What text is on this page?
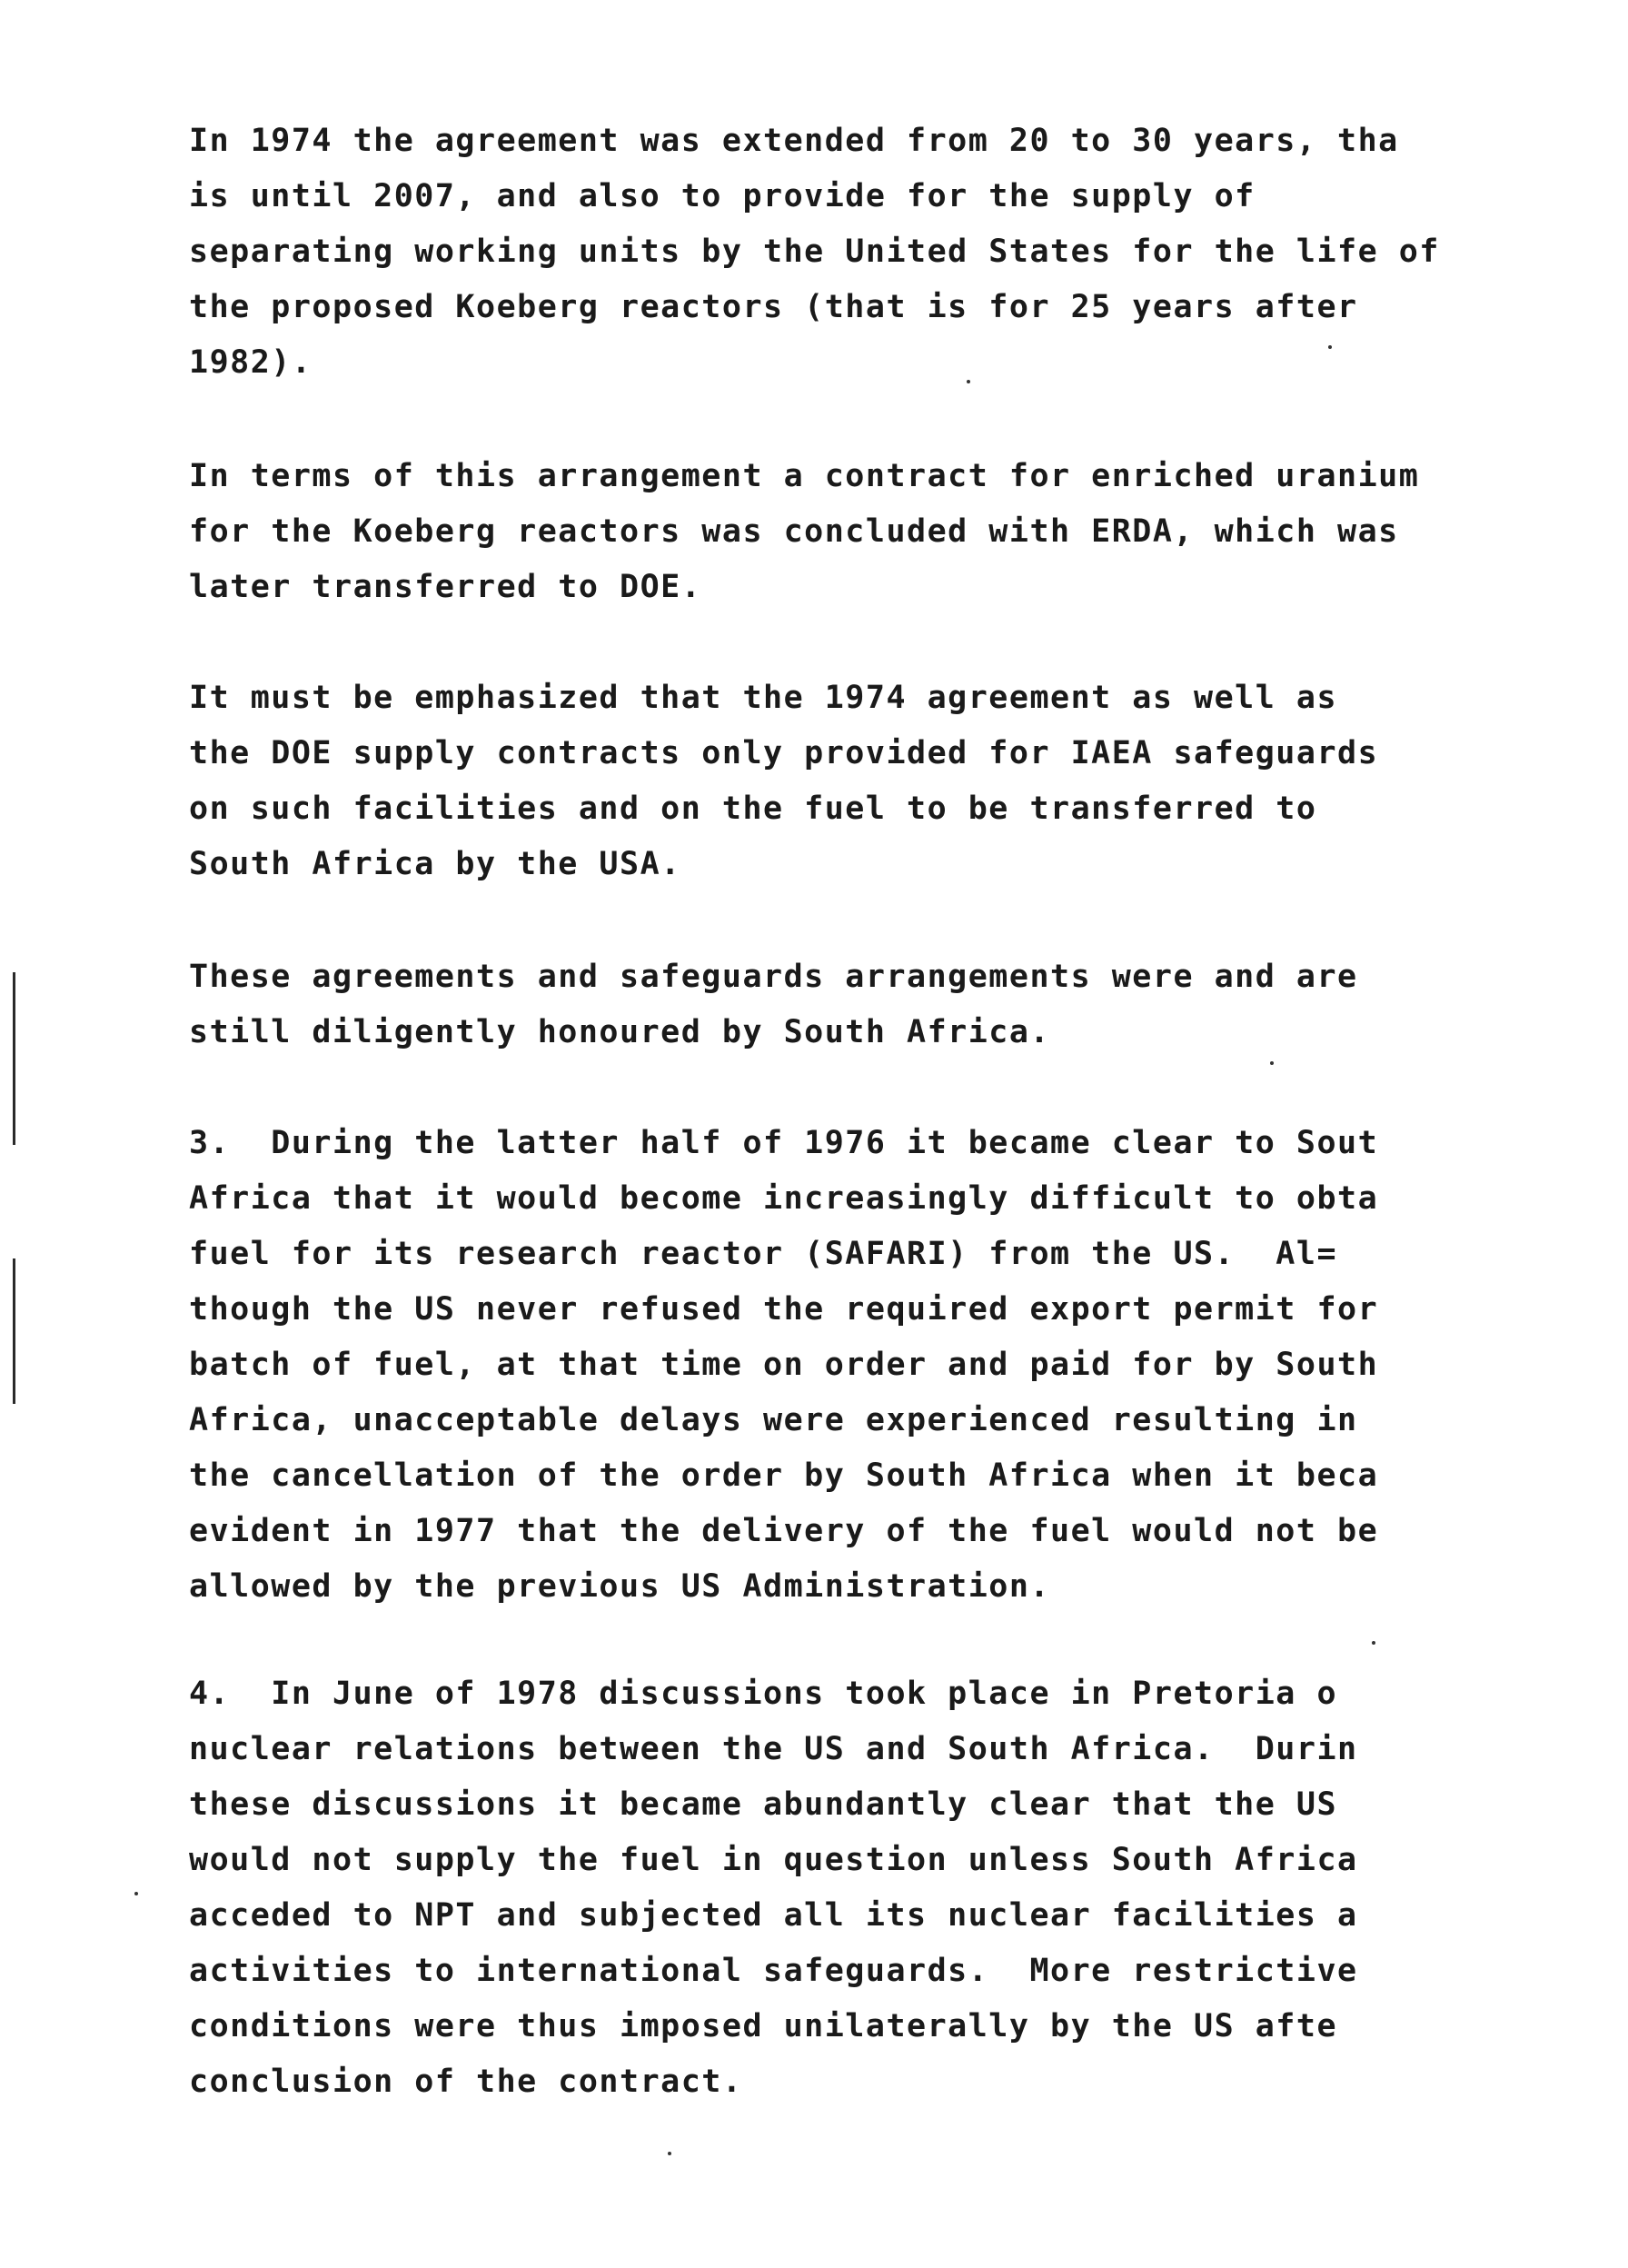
In 1974 the agreement was extended from 20 to 30 years, tha
is until 2007, and also to provide for the supply of
separating working units by the United States for the life of
the proposed Koeberg reactors (that is for 25 years after
1982).
In terms of this arrangement a contract for enriched uranium
for the Koeberg reactors was concluded with ERDA, which was
later transferred to DOE.
It must be emphasized that the 1974 agreement as well as
the DOE supply contracts only provided for IAEA safeguards
on such facilities and on the fuel to be transferred to
South Africa by the USA.
These agreements and safeguards arrangements were and are
still diligently honoured by South Africa.
3.  During the latter half of 1976 it became clear to Sout
Africa that it would become increasingly difficult to obta
fuel for its research reactor (SAFARI) from the US.  Al=
though the US never refused the required export permit for
batch of fuel, at that time on order and paid for by South
Africa, unacceptable delays were experienced resulting in
the cancellation of the order by South Africa when it beca
evident in 1977 that the delivery of the fuel would not be
allowed by the previous US Administration.
4.  In June of 1978 discussions took place in Pretoria o
nuclear relations between the US and South Africa.  Durin
these discussions it became abundantly clear that the US
would not supply the fuel in question unless South Africa
acceded to NPT and subjected all its nuclear facilities a
activities to international safeguards.  More restrictive
conditions were thus imposed unilaterally by the US afte
conclusion of the contract.
